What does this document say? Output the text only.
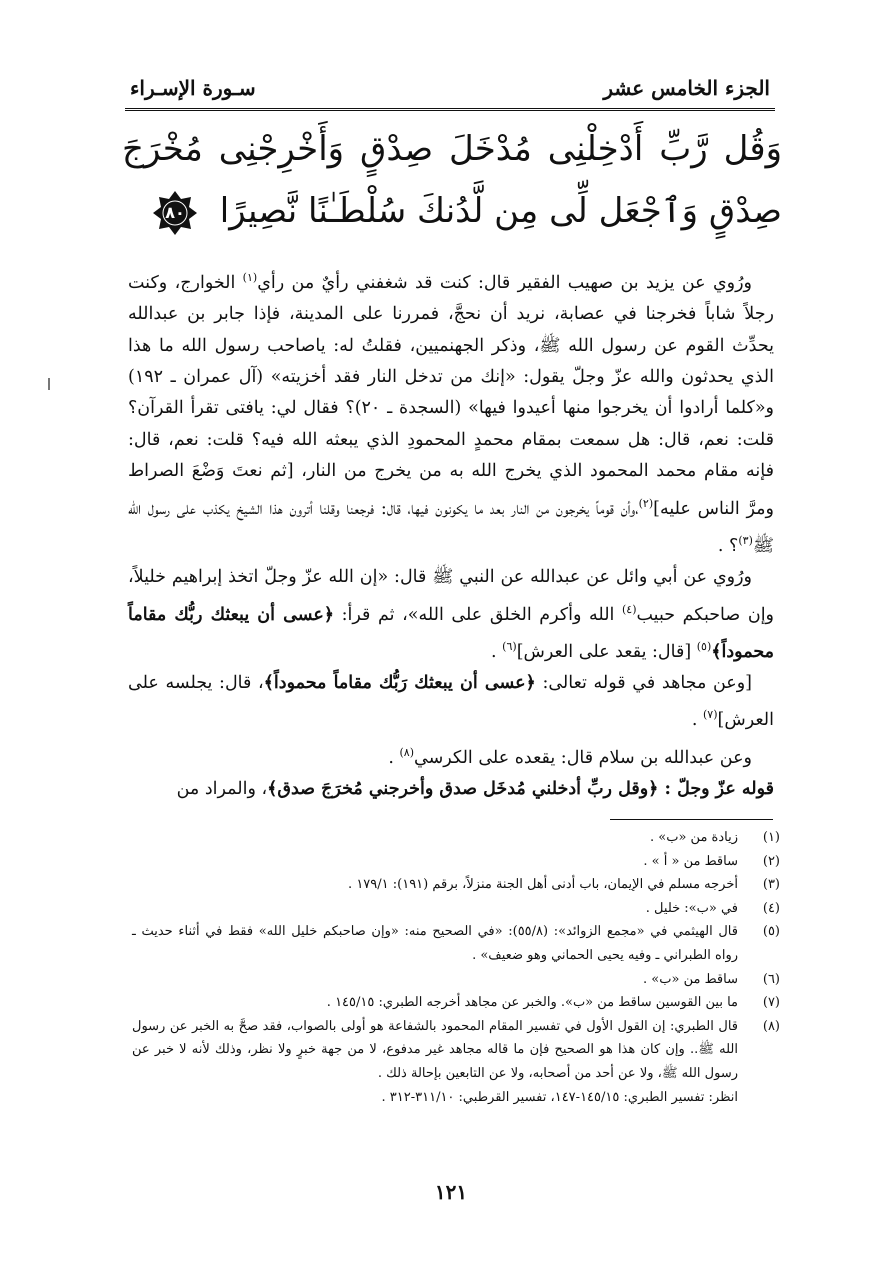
الجزء الخامس عشر
سـورة الإسـراء
وَقُل رَّبِّ أَدْخِلْنِى مُدْخَلَ صِدْقٍ وَأَخْرِجْنِى مُخْرَجَ صِدْقٍ وَٱجْعَل لِّى مِن لَّدُنكَ سُلْطَـٰنًا نَّصِيرًا
٨٠

ورُوي عن يزيد بن صهيب الفقير قال: كنت قد شغفني رأيٌ من رأي$^{(١)}$ الخوارج، وكنت رجلاً شاباً فخرجنا في عصابة، نريد أن نحجَّ، فمررنا على المدينة، فإذا جابر بن عبدالله يحدِّث القوم عن رسول الله ﷺ، وذكر الجهنميين، فقلتُ له: ياصاحب رسول الله ما هذا الذي يحدثون والله عزّ وجلّ يقول: «إنك من تدخل النار فقد أخزيته» (آل عمران ـ ١٩٢) و«كلما أرادوا أن يخرجوا منها أعيدوا فيها» (السجدة ـ ٢٠)؟ فقال لي: يافتى تقرأ القرآن؟ قلت: نعم، قال: هل سمعت بمقام محمدٍ المحمودِ الذي يبعثه الله فيه؟ قلت: نعم، قال: فإنه مقام محمد المحمود الذي يخرج الله به من يخرج من النار، [ثم نعتَ وَضْعَ الصراط ومرَّ الناس عليه]$^{(٢)}$،وأن قوماً يخرجون من النار بعد ما يكونون فيها، قال: فرجعنا وقلنا أترون هذا الشيخ يكذب على رسول الله ﷺ$^{(٣)}$؟ .

ورُوي عن أبي وائل عن عبدالله عن النبي ﷺ قال: «إن الله عزّ وجلّ اتخذ إبراهيم خليلاً، وإن صاحبكم حبيب$^{(٤)}$ الله وأكرم الخلق على الله»، ثم قرأ: ﴿عسى أن يبعثك ربُّك مقاماً محموداً﴾$^{(٥)}$ [قال: يقعد على العرش]$^{(٦)}$ .

[وعن مجاهد في قوله تعالى: ﴿عسى أن يبعثك رَبُّك مقاماً محموداً﴾، قال: يجلسه على العرش]$^{(٧)}$ .

وعن عبدالله بن سلام قال: يقعده على الكرسي$^{(٨)}$ .

قوله عزّ وجلّ : ﴿وقل ربِّ أدخلني مُدخَل صدق وأخرجني مُخرَجَ صدق﴾، والمراد من

(١)
زيادة من «ب» .
(٢)
ساقط من « أ » .
(٣)
أخرجه مسلم في الإيمان، باب أدنى أهل الجنة منزلاً، برقم (١٩١): ١٧٩/١ .
(٤)
في «ب»: خليل .
(٥)
قال الهيثمي في «مجمع الزوائد»: (٥٥/٨): «في الصحيح منه: «وإن صاحبكم خليل الله» فقط في أثناء حديث ـ رواه الطبراني ـ وفيه يحيى الحماني وهو ضعيف» .
(٦)
ساقط من «ب» .
(٧)
ما بين القوسين ساقط من «ب». والخبر عن مجاهد أخرجه الطبري: ١٤٥/١٥ .
(٨)
قال الطبري: إن القول الأول في تفسير المقام المحمود بالشفاعة هو أولى بالصواب، فقد صحَّ به الخبر عن رسول الله ﷺ.. وإن كان هذا هو الصحيح فإن ما قاله مجاهد غير مدفوع، لا من جهة خبرٍ ولا نظر، وذلك لأنه لا خبر عن رسول الله ﷺ، ولا عن أحد من أصحابه، ولا عن التابعين بإحالة ذلك .
انظر: تفسير الطبري: ١٤٥/١٥-١٤٧، تفسير القرطبي: ٣١١/١٠-٣١٢ .
١٢١
